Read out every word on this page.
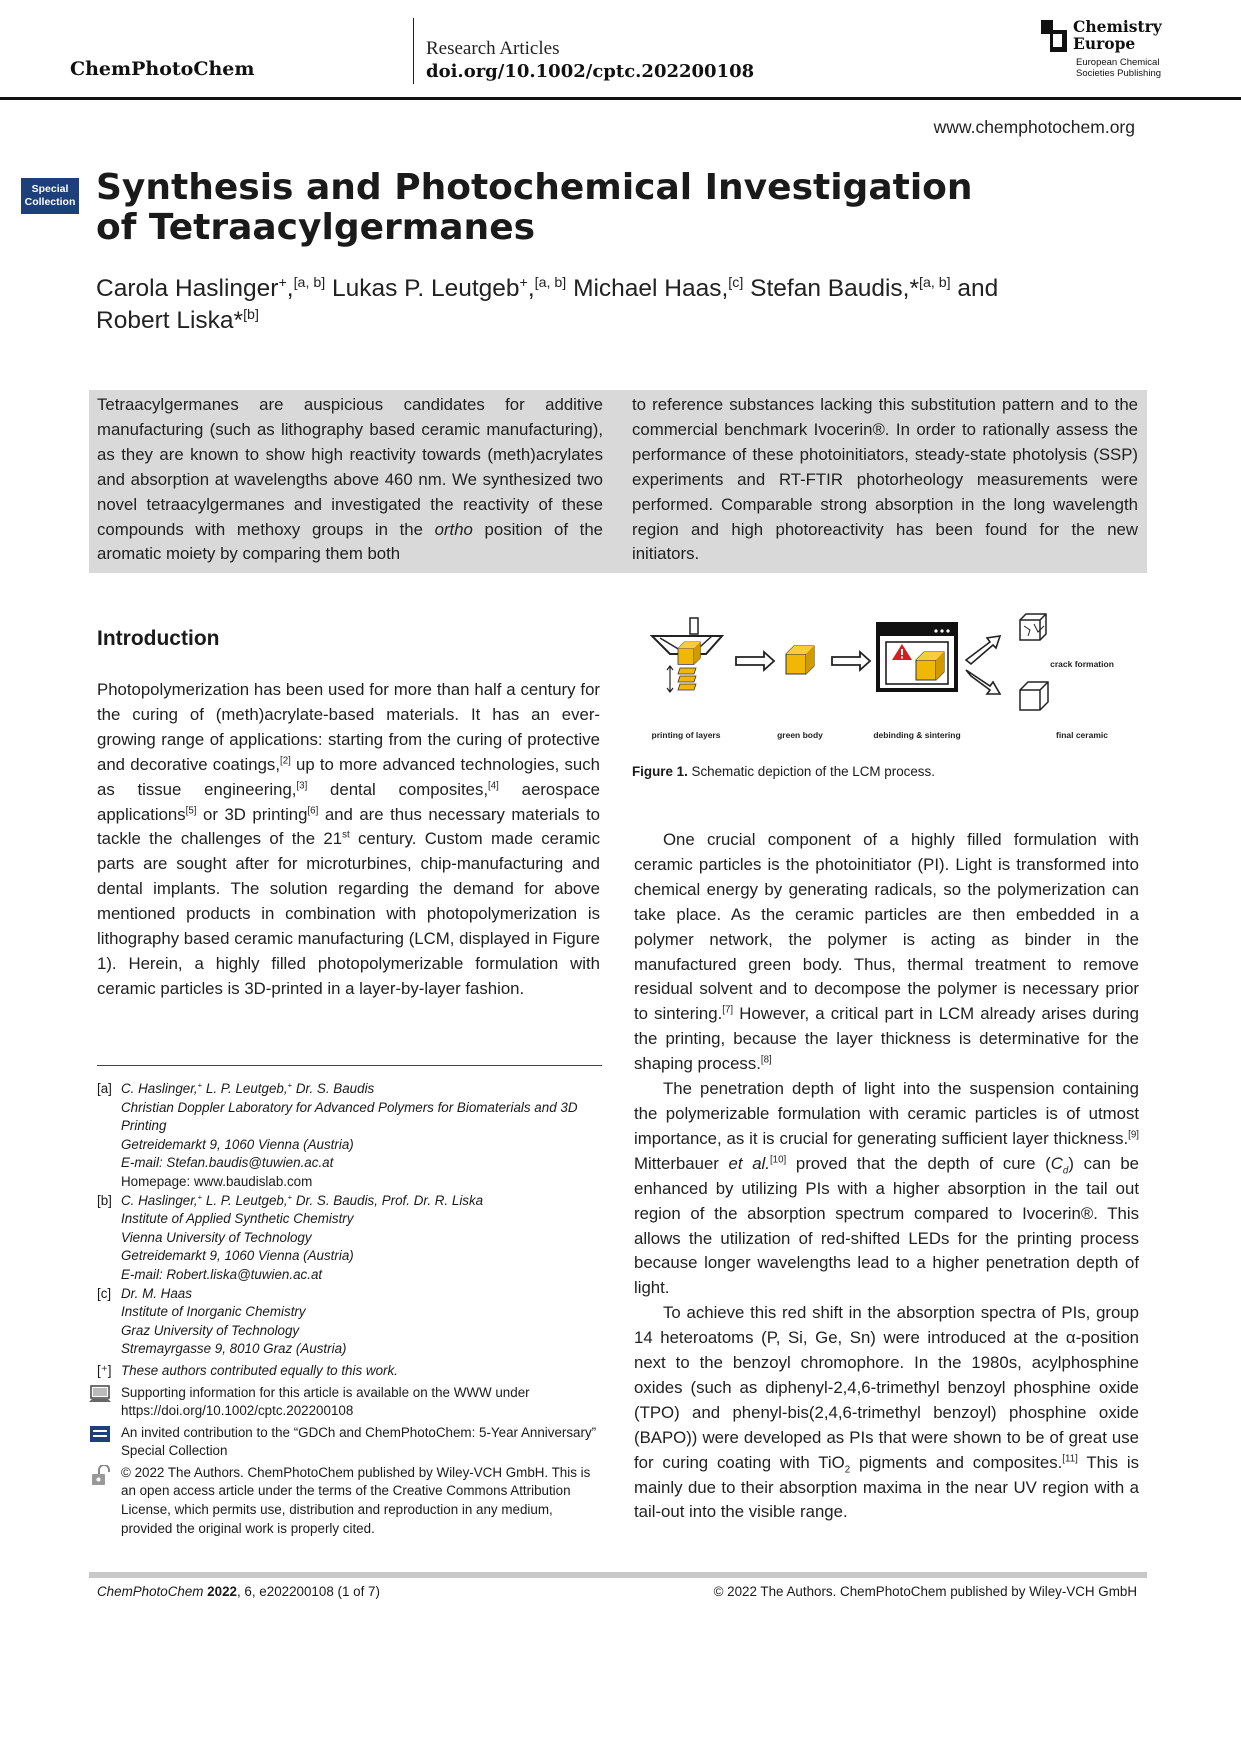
ChemPhotoChem
Research Articles
doi.org/10.1002/cptc.202200108
Chemistry
Europe
European Chemical
Societies Publishing
www.chemphotochem.org
Special
Collection Synthesis and Photochemical Investigation of Tetraacylgermanes
Carola Haslinger+,[a, b] Lukas P. Leutgeb+,[a, b] Michael Haas,[c] Stefan Baudis,*[a, b] and
Robert Liska*[b]

Tetraacylgermanes are auspicious candidates for additive manufacturing (such as lithography based ceramic manufacturing), as they are known to show high reactivity towards (meth)acrylates and absorption at wavelengths above 460 nm. We synthesized two novel tetraacylgermanes and investigated the reactivity of these compounds with methoxy groups in the ortho position of the aromatic moiety by comparing them both

to reference substances lacking this substitution pattern and to the commercial benchmark Ivocerin®. In order to rationally assess the performance of these photoinitiators, steady-state photolysis (SSP) experiments and RT-FTIR photorheology measurements were performed. Comparable strong absorption in the long wavelength region and high photoreactivity has been found for the new initiators.

Introduction

Photopolymerization has been used for more than half a century for the curing of (meth)acrylate-based materials. It has an ever-growing range of applications: starting from the curing of protective and decorative coatings,[2] up to more advanced technologies, such as tissue engineering,[3] dental composites,[4] aerospace applications[5] or 3D printing[6] and are thus necessary materials to tackle the challenges of the 21st century. Custom made ceramic parts are sought after for microturbines, chip-manufacturing and dental implants. The solution regarding the demand for above mentioned products in combination with photopolymerization is lithography based ceramic manufacturing (LCM, displayed in Figure 1). Herein, a highly filled photopolymerizable formulation with ceramic particles is 3D-printed in a layer-by-layer fashion.

[a] C. Haslinger,+ L. P. Leutgeb,+ Dr. S. Baudis
Christian Doppler Laboratory for Advanced Polymers for Biomaterials and 3D Printing
Getreidemarkt 9, 1060 Vienna (Austria)
E-mail: Stefan.baudis@tuwien.ac.at
Homepage: www.baudislab.com
[b] C. Haslinger,+ L. P. Leutgeb,+ Dr. S. Baudis, Prof. Dr. R. Liska
Institute of Applied Synthetic Chemistry
Vienna University of Technology
Getreidemarkt 9, 1060 Vienna (Austria)
E-mail: Robert.liska@tuwien.ac.at
[c] Dr. M. Haas
Institute of Inorganic Chemistry
Graz University of Technology
Stremayrgasse 9, 8010 Graz (Austria)
[⁺] These authors contributed equally to this work.
Supporting information for this article is available on the WWW under https://doi.org/10.1002/cptc.202200108
An invited contribution to the “GDCh and ChemPhotoChem: 5-Year Anniversary” Special Collection
© 2022 The Authors. ChemPhotoChem published by Wiley-VCH GmbH. This is an open access article under the terms of the Creative Commons Attribution License, which permits use, distribution and reproduction in any medium, provided the original work is properly cited.
printing of layers	green body	debinding & sintering	final ceramic
crack formation
Figure 1. Schematic depiction of the LCM process.

One crucial component of a highly filled formulation with ceramic particles is the photoinitiator (PI). Light is transformed into chemical energy by generating radicals, so the polymerization can take place. As the ceramic particles are then embedded in a polymer network, the polymer is acting as binder in the manufactured green body. Thus, thermal treatment to remove residual solvent and to decompose the polymer is necessary prior to sintering.[7] However, a critical part in LCM already arises during the printing, because the layer thickness is determinative for the shaping process.[8]

The penetration depth of light into the suspension containing the polymerizable formulation with ceramic particles is of utmost importance, as it is crucial for generating sufficient layer thickness.[9] Mitterbauer et al.[10] proved that the depth of cure $(C_d)$ can be enhanced by utilizing PIs with a higher absorption in the tail out region of the absorption spectrum compared to Ivocerin®. This allows the utilization of red-shifted LEDs for the printing process because longer wavelengths lead to a higher penetration depth of light.

To achieve this red shift in the absorption spectra of PIs, group 14 heteroatoms (P, Si, Ge, Sn) were introduced at the α-position next to the benzoyl chromophore. In the 1980s, acylphosphine oxides (such as diphenyl-2,4,6-trimethyl benzoyl phosphine oxide (TPO) and phenyl-bis(2,4,6-trimethyl benzoyl) phosphine oxide (BAPO)) were developed as PIs that were shown to be of great use for curing coating with TiO$_2$ pigments and composites.[11] This is mainly due to their absorption maxima in the near UV region with a tail-out into the visible range.

ChemPhotoChem 2022, 6, e202200108 (1 of 7)	© 2022 The Authors. ChemPhotoChem published by Wiley-VCH GmbH
